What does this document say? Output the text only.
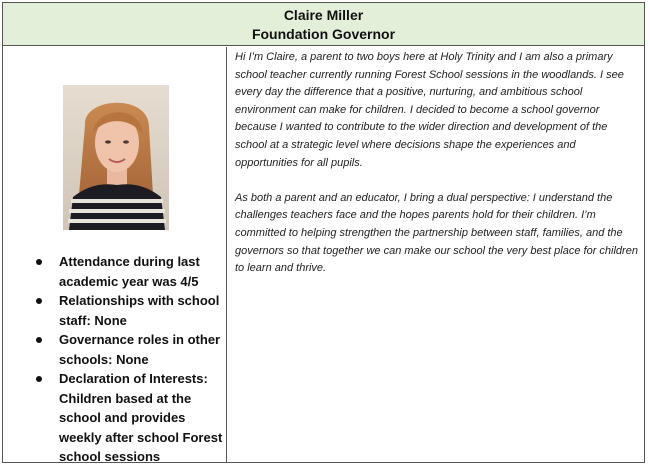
Claire Miller
Foundation Governor
Attendance during last academic year was 4/5
Relationships with school staff: None
Governance roles in other schools: None
Declaration of Interests: Children based at the school and provides weekly after school Forest school sessions

Hi I’m Claire, a parent to two boys here at Holy Trinity and I am also a primary school teacher currently running Forest School sessions in the woodlands. I see every day the difference that a positive, nurturing, and ambitious school environment can make for children. I decided to become a school governor because I wanted to contribute to the wider direction and development of the school at a strategic level where decisions shape the experiences and opportunities for all pupils.

As both a parent and an educator, I bring a dual perspective: I understand the challenges teachers face and the hopes parents hold for their children. I’m committed to helping strengthen the partnership between staff, families, and the governors so that together we can make our school the very best place for children to learn and thrive.
